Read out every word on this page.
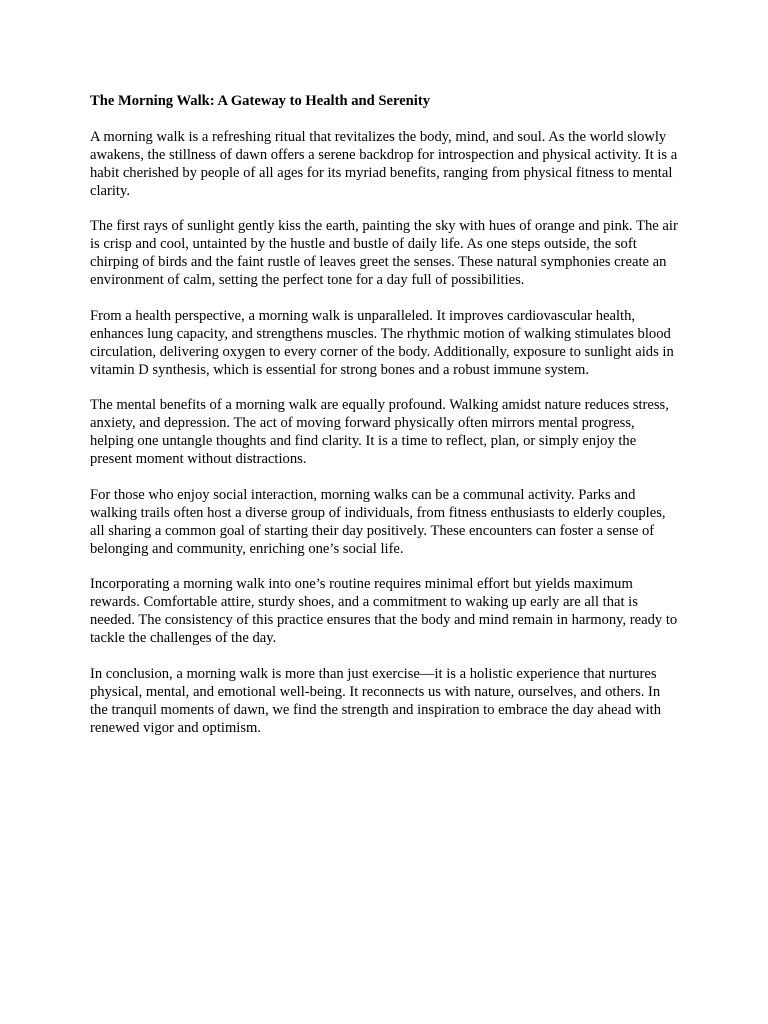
The Morning Walk: A Gateway to Health and Serenity

A morning walk is a refreshing ritual that revitalizes the body, mind, and soul. As the world slowly awakens, the stillness of dawn offers a serene backdrop for introspection and physical activity. It is a habit cherished by people of all ages for its myriad benefits, ranging from physical fitness to mental clarity.

The first rays of sunlight gently kiss the earth, painting the sky with hues of orange and pink. The air is crisp and cool, untainted by the hustle and bustle of daily life. As one steps outside, the soft chirping of birds and the faint rustle of leaves greet the senses. These natural symphonies create an environment of calm, setting the perfect tone for a day full of possibilities.

From a health perspective, a morning walk is unparalleled. It improves cardiovascular health, enhances lung capacity, and strengthens muscles. The rhythmic motion of walking stimulates blood circulation, delivering oxygen to every corner of the body. Additionally, exposure to sunlight aids in vitamin D synthesis, which is essential for strong bones and a robust immune system.

The mental benefits of a morning walk are equally profound. Walking amidst nature reduces stress, anxiety, and depression. The act of moving forward physically often mirrors mental progress, helping one untangle thoughts and find clarity. It is a time to reflect, plan, or simply enjoy the present moment without distractions.

For those who enjoy social interaction, morning walks can be a communal activity. Parks and walking trails often host a diverse group of individuals, from fitness enthusiasts to elderly couples, all sharing a common goal of starting their day positively. These encounters can foster a sense of belonging and community, enriching one’s social life.

Incorporating a morning walk into one’s routine requires minimal effort but yields maximum rewards. Comfortable attire, sturdy shoes, and a commitment to waking up early are all that is needed. The consistency of this practice ensures that the body and mind remain in harmony, ready to tackle the challenges of the day.

In conclusion, a morning walk is more than just exercise—it is a holistic experience that nurtures physical, mental, and emotional well-being. It reconnects us with nature, ourselves, and others. In the tranquil moments of dawn, we find the strength and inspiration to embrace the day ahead with renewed vigor and optimism.
